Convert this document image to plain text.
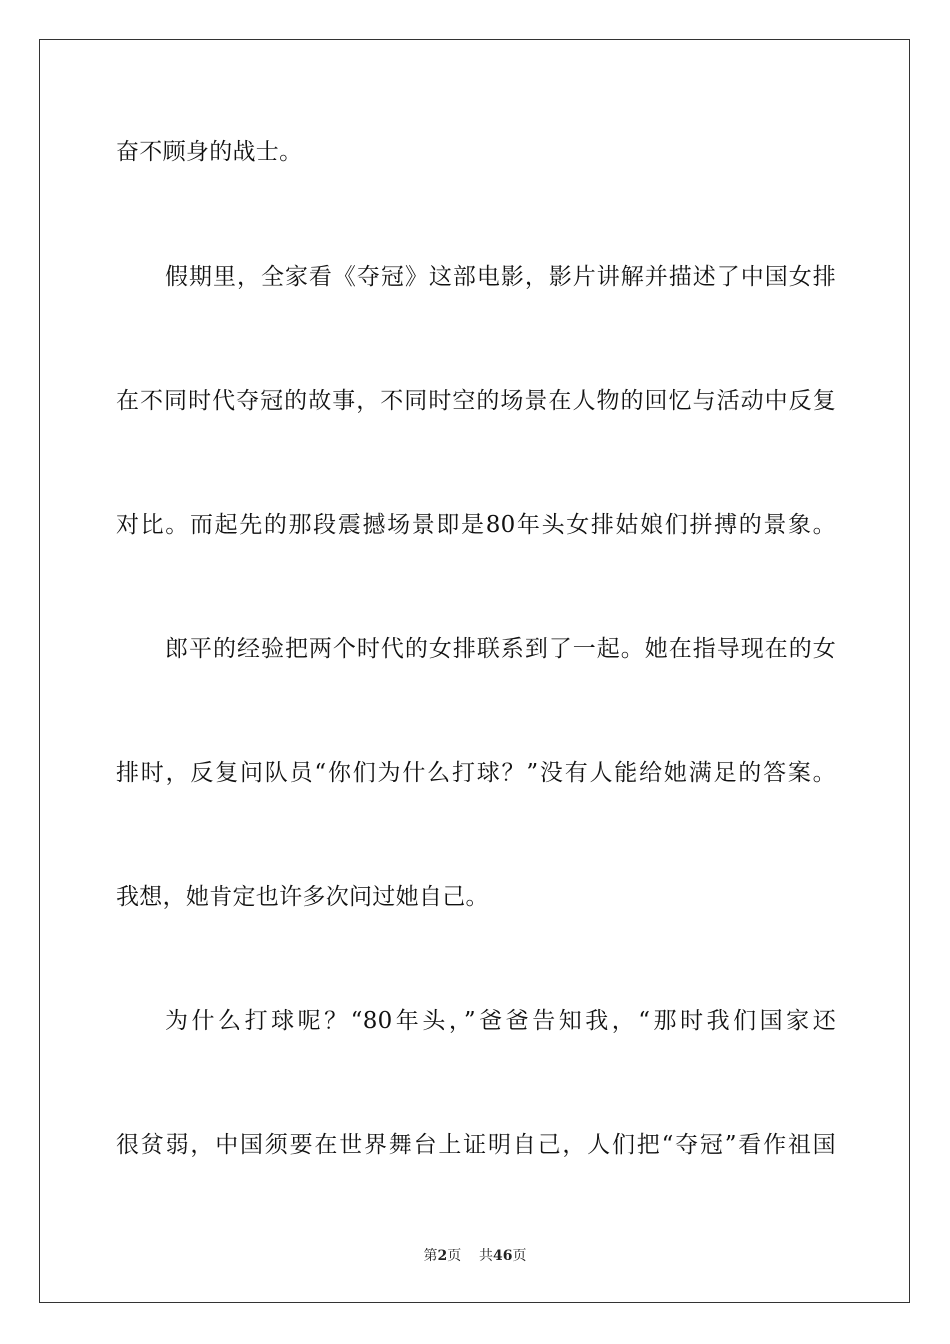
奋不顾身的战士。
假期里，全家看《夺冠》这部电影，影片讲解并描述了中国女排
在不同时代夺冠的故事，不同时空的场景在人物的回忆与活动中反复
对比。而起先的那段震撼场景即是80年头女排姑娘们拼搏的景象。
郎平的经验把两个时代的女排联系到了一起。她在指导现在的女
排时，反复问队员“你们为什么打球？”没有人能给她满足的答案。
我想，她肯定也许多次问过她自己。
为什么打球呢？“80年头，”爸爸告知我，“那时我们国家还
很贫弱，中国须要在世界舞台上证明自己，人们把“夺冠”看作祖国
第2页 共46页
